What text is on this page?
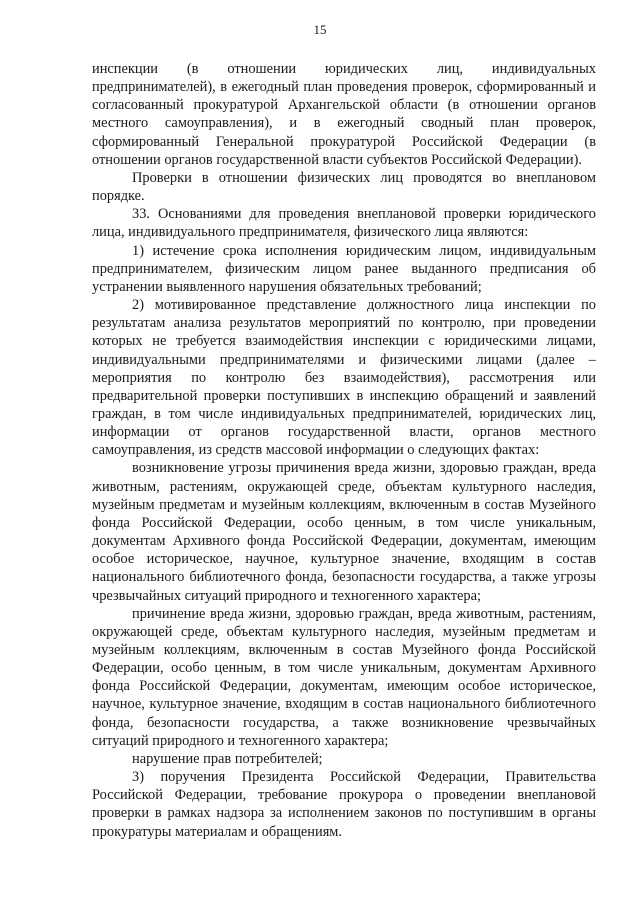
15

инспекции (в отношении юридических лиц, индивидуальных предпринимателей), в ежегодный план проведения проверок, сформированный и согласованный прокуратурой Архангельской области (в отношении органов местного самоуправления), и в ежегодный сводный план проверок, сформированный Генеральной прокуратурой Российской Федерации (в отношении органов государственной власти субъектов Российской Федерации).

Проверки в отношении физических лиц проводятся во внеплановом порядке.

33. Основаниями для проведения внеплановой проверки юридического лица, индивидуального предпринимателя, физического лица являются:

1) истечение срока исполнения юридическим лицом, индивидуальным предпринимателем, физическим лицом ранее выданного предписания об устранении выявленного нарушения обязательных требований;

2) мотивированное представление должностного лица инспекции по результатам анализа результатов мероприятий по контролю, при проведении которых не требуется взаимодействия инспекции с юридическими лицами, индивидуальными предпринимателями и физическими лицами (далее – мероприятия по контролю без взаимодействия), рассмотрения или предварительной проверки поступивших в инспекцию обращений и заявлений граждан, в том числе индивидуальных предпринимателей, юридических лиц, информации от органов государственной власти, органов местного самоуправления, из средств массовой информации о следующих фактах:

возникновение угрозы причинения вреда жизни, здоровью граждан, вреда животным, растениям, окружающей среде, объектам культурного наследия, музейным предметам и музейным коллекциям, включенным в состав Музейного фонда Российской Федерации, особо ценным, в том числе уникальным, документам Архивного фонда Российской Федерации, документам, имеющим особое историческое, научное, культурное значение, входящим в состав национального библиотечного фонда, безопасности государства, а также угрозы чрезвычайных ситуаций природного и техногенного характера;

причинение вреда жизни, здоровью граждан, вреда животным, растениям, окружающей среде, объектам культурного наследия, музейным предметам и музейным коллекциям, включенным в состав Музейного фонда Российской Федерации, особо ценным, в том числе уникальным, документам Архивного фонда Российской Федерации, документам, имеющим особое историческое, научное, культурное значение, входящим в состав национального библиотечного фонда, безопасности государства, а также возникновение чрезвычайных ситуаций природного и техногенного характера;

нарушение прав потребителей;

3) поручения Президента Российской Федерации, Правительства Российской Федерации, требование прокурора о проведении внеплановой проверки в рамках надзора за исполнением законов по поступившим в органы прокуратуры материалам и обращениям.
